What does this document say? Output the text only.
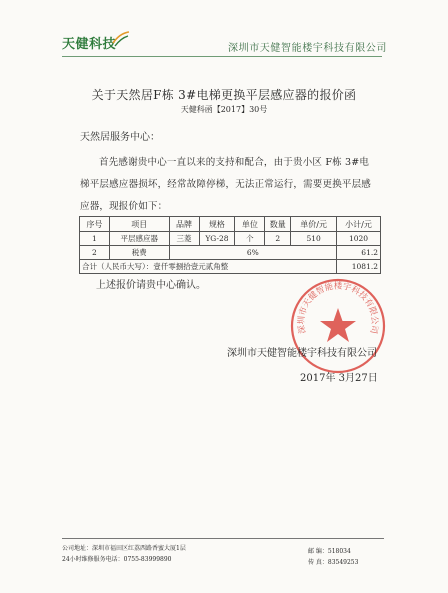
天健科技	深圳市天健智能楼宇科技有限公司
关于天然居F栋 3#电梯更换平层感应器的报价函
天健科函【2017】30号
天然居服务中心：
首先感谢贵中心一直以来的支持和配合，由于贵小区 F栋 3#电
梯平层感应器损坏，经常故障停梯，无法正常运行，需要更换平层感
应器，现报价如下：
序号	项目	品牌	规格	单位	数量	单价/元	小计/元
1	平层感应器	三菱	YG-28	个	2	510	1020
2	税费	6%					61.2
合计（人民币大写）：壹仟零捌拾壹元贰角整							1081.2
上述报价请贵中心确认。
深圳市天健智能楼宇科技有限公司
深圳市天健智能楼宇科技有限公司
2017年 3月27日
公司地址：深圳市福田区红荔西路香蜜大厦1层
24小时维修服务电话：0755-83999890
邮 编：518034
传 真：83549253
